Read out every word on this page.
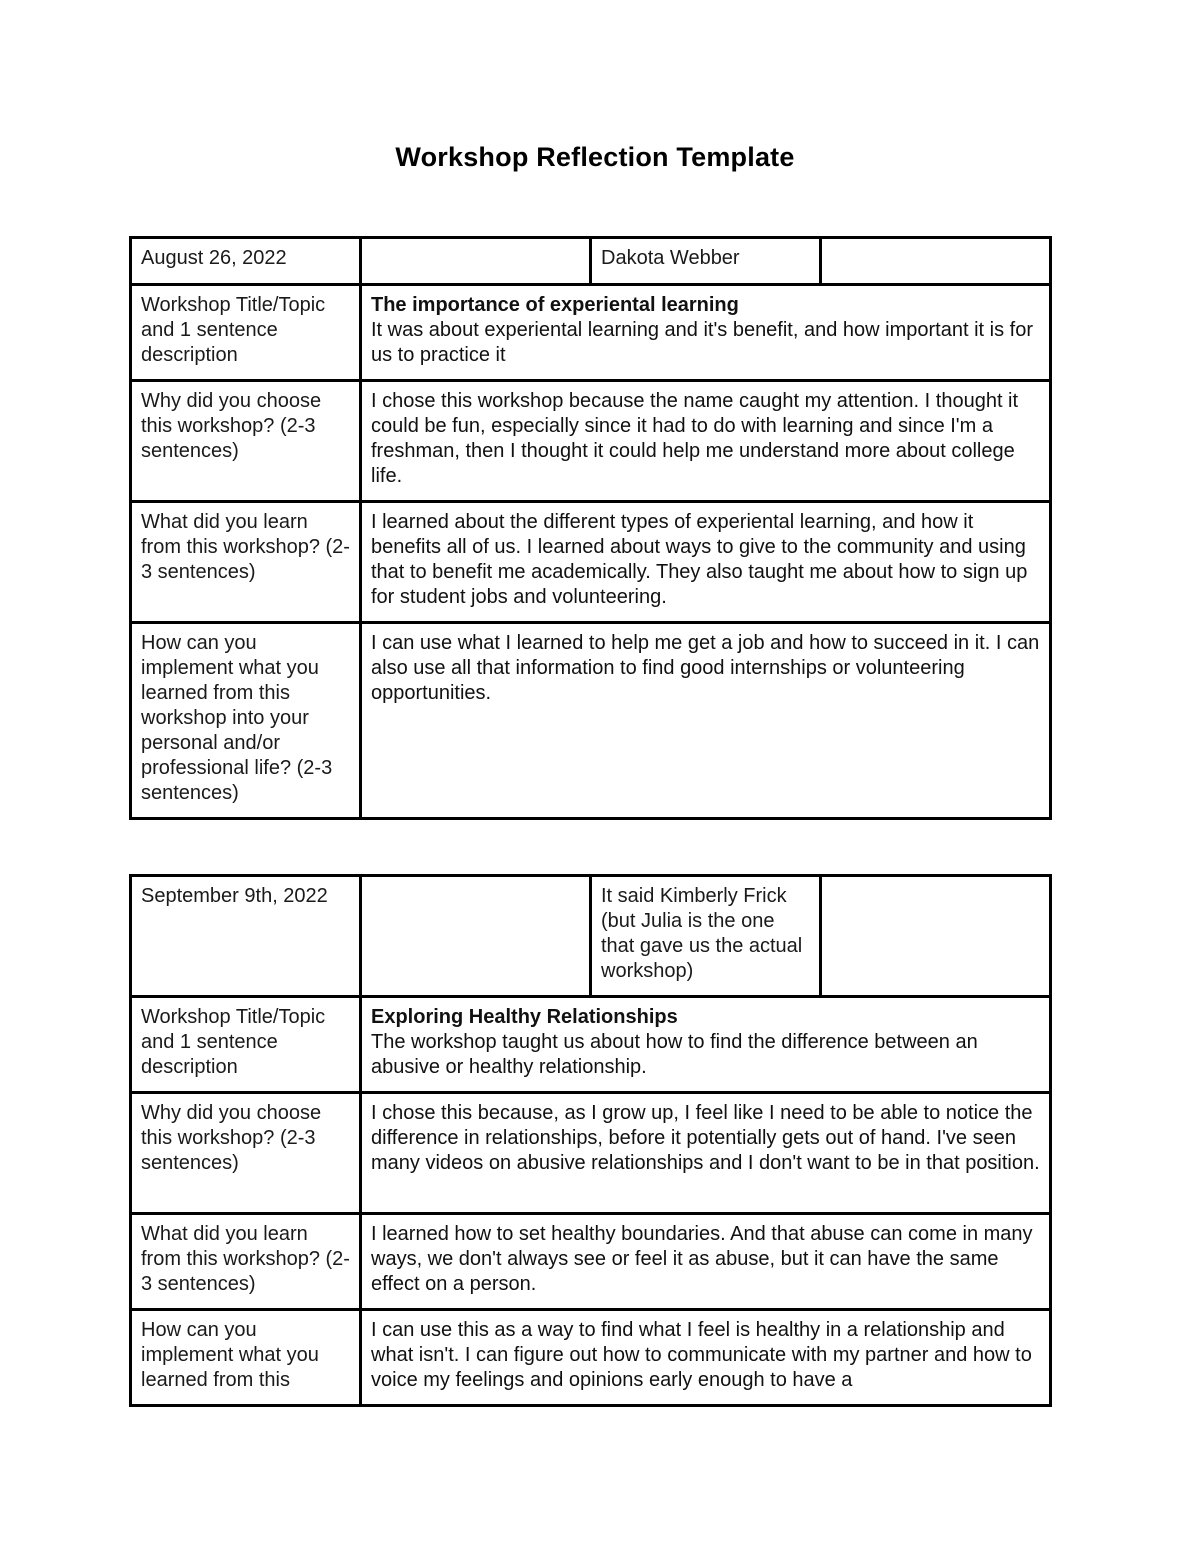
Workshop Reflection Template
August 26, 2022		Dakota Webber	
Workshop Title/Topic and 1 sentence description	The importance of experiental learning
It was about experiental learning and it's benefit, and how important it is for us to practice it		
Why did you choose this workshop? (2-3 sentences)	I chose this workshop because the name caught my attention. I thought it could be fun, especially since it had to do with learning and since I'm a freshman, then I thought it could help me understand more about college life.		
What did you learn from this workshop? (2-3 sentences)	I learned about the different types of experiental learning, and how it benefits all of us. I learned about ways to give to the community and using that to benefit me academically. They also taught me about how to sign up for student jobs and volunteering.		
How can you implement what you learned from this workshop into your personal and/or professional life? (2-3 sentences)	I can use what I learned to help me get a job and how to succeed in it. I can also use all that information to find good internships or volunteering opportunities.		
September 9th, 2022		It said Kimberly Frick (but Julia is the one that gave us the actual workshop)	
Workshop Title/Topic and 1 sentence description	Exploring Healthy Relationships
The workshop taught us about how to find the difference between an abusive or healthy relationship.		
Why did you choose this workshop? (2-3 sentences)	I chose this because, as I grow up, I feel like I need to be able to notice the difference in relationships, before it potentially gets out of hand. I've seen many videos on abusive relationships and I don't want to be in that position.		
What did you learn from this workshop? (2-3 sentences)	I learned how to set healthy boundaries. And that abuse can come in many ways, we don't always see or feel it as abuse, but it can have the same effect on a person.		
How can you implement what you learned from this	I can use this as a way to find what I feel is healthy in a relationship and what isn't. I can figure out how to communicate with my partner and how to voice my feelings and opinions early enough to have a		
